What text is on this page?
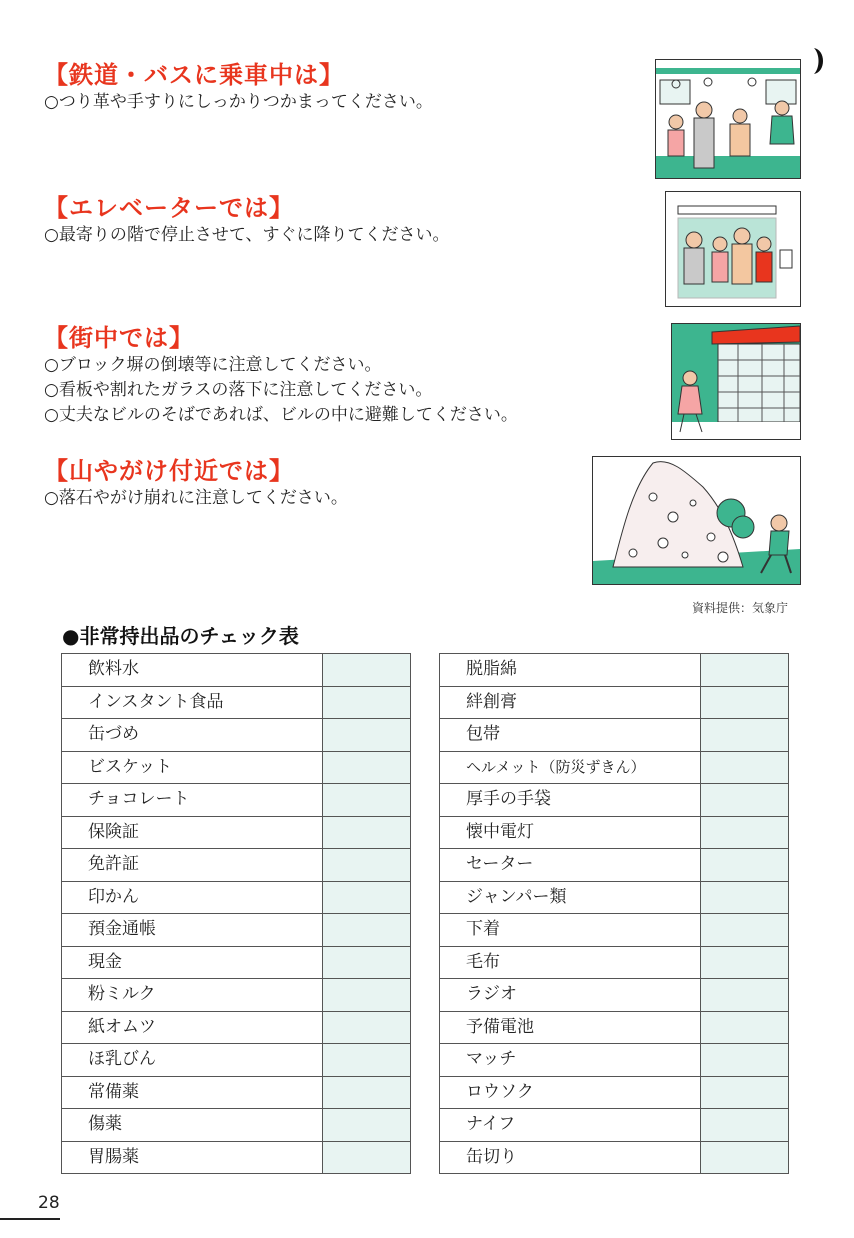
【鉄道・バスに乗車中は】

○つり革や手すりにしっかりつかまってください。

【エレベーターでは】

○最寄りの階で停止させて、すぐに降りてください。

【街中では】

○ブロック塀の倒壊等に注意してください。

○看板や割れたガラスの落下に注意してください。

○丈夫なビルのそばであれば、ビルの中に避難してください。

【山やがけ付近では】

○落石やがけ崩れに注意してください。

資料提供：気象庁
●非常持出品のチェック表
飲料水	
インスタント食品	
缶づめ	
ビスケット	
チョコレート	
保険証	
免許証	
印かん	
預金通帳	
現金	
粉ミルク	
紙オムツ	
ほ乳びん	
常備薬	
傷薬	
胃腸薬	
脱脂綿	
絆創膏	
包帯	
ヘルメット（防災ずきん）	
厚手の手袋	
懐中電灯	
セーター	
ジャンパー類	
下着	
毛布	
ラジオ	
予備電池	
マッチ	
ロウソク	
ナイフ	
缶切り	
28
